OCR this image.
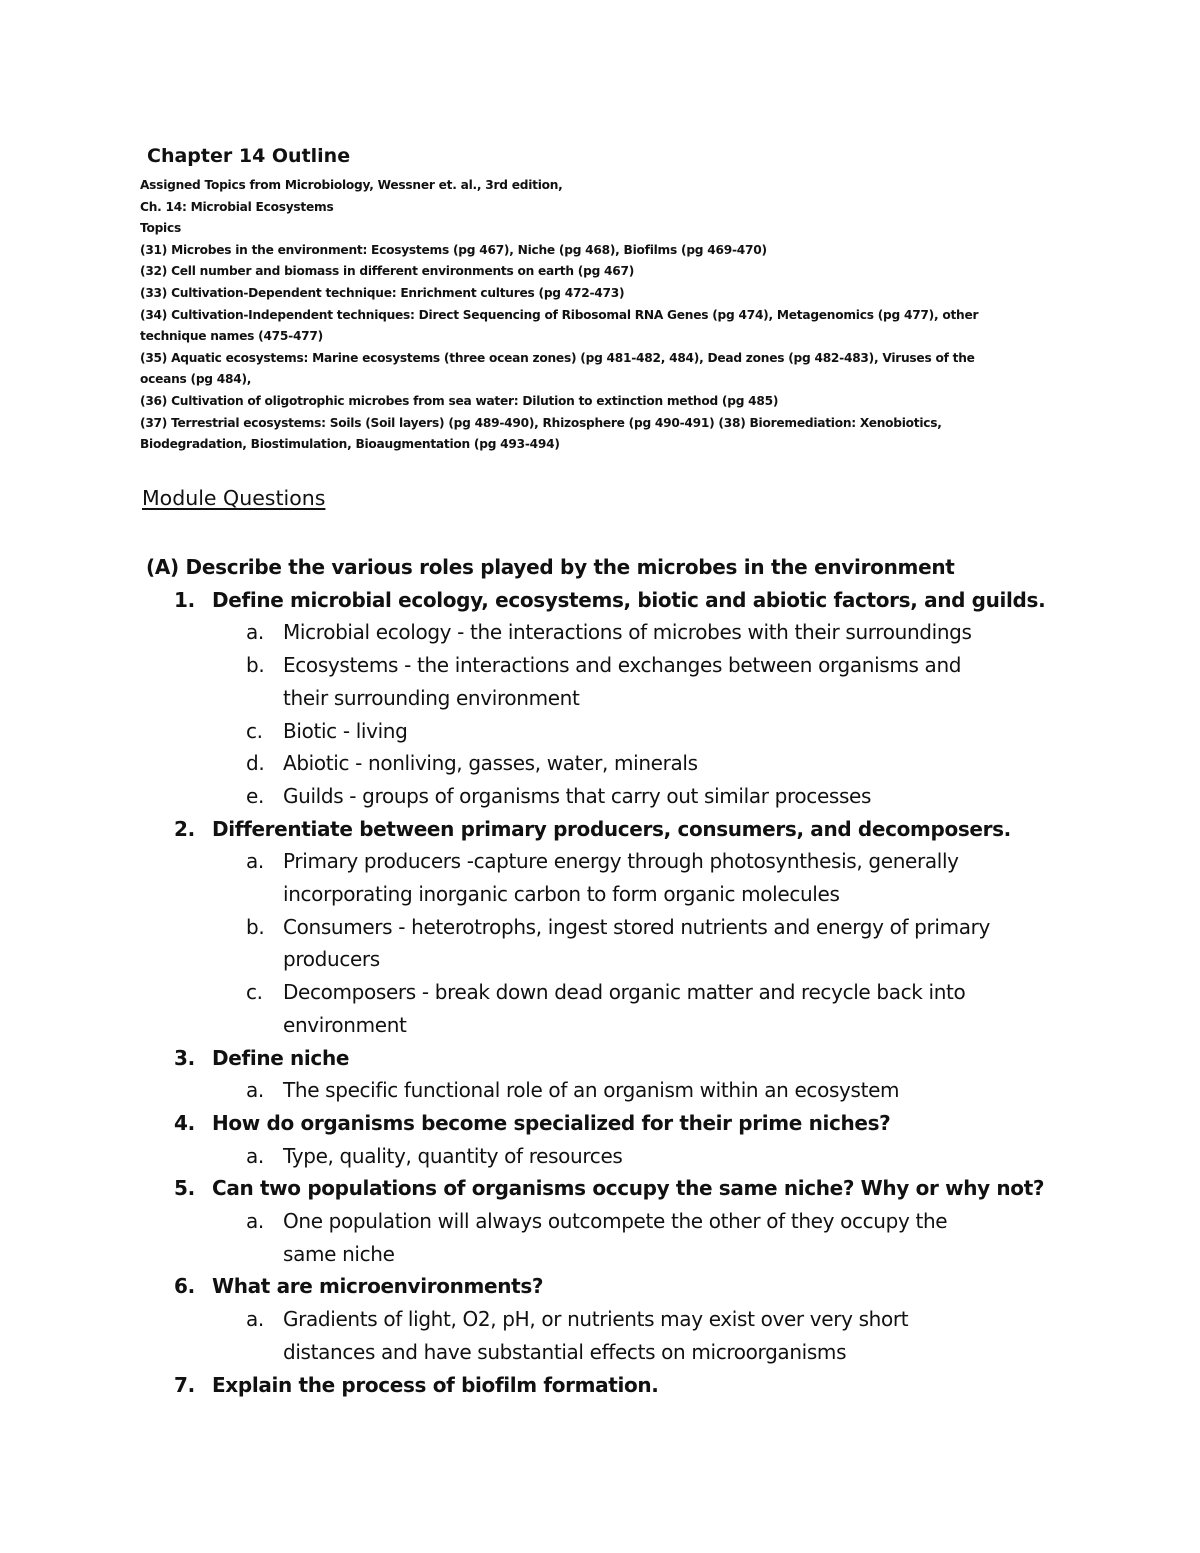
Chapter 14 Outline
Assigned Topics from Microbiology, Wessner et. al., 3rd edition,
Ch. 14: Microbial Ecosystems
Topics
(31) Microbes in the environment: Ecosystems (pg 467), Niche (pg 468), Biofilms (pg 469-470)
(32) Cell number and biomass in different environments on earth (pg 467)
(33) Cultivation-Dependent technique: Enrichment cultures (pg 472-473)
(34) Cultivation-Independent techniques: Direct Sequencing of Ribosomal RNA Genes (pg 474), Metagenomics (pg 477), other
technique names (475-477)
(35) Aquatic ecosystems: Marine ecosystems (three ocean zones) (pg 481-482, 484), Dead zones (pg 482-483), Viruses of the
oceans (pg 484),
(36) Cultivation of oligotrophic microbes from sea water: Dilution to extinction method (pg 485)
(37) Terrestrial ecosystems: Soils (Soil layers) (pg 489-490), Rhizosphere (pg 490-491) (38) Bioremediation: Xenobiotics,
Biodegradation, Biostimulation, Bioaugmentation (pg 493-494)
Module Questions
(A) Describe the various roles played by the microbes in the environment
1. Define microbial ecology, ecosystems, biotic and abiotic factors, and guilds.
a. Microbial ecology - the interactions of microbes with their surroundings
b. Ecosystems - the interactions and exchanges between organisms and
their surrounding environment
c. Biotic - living
d. Abiotic - nonliving, gasses, water, minerals
e. Guilds - groups of organisms that carry out similar processes
2. Differentiate between primary producers, consumers, and decomposers.
a. Primary producers -capture energy through photosynthesis, generally
incorporating inorganic carbon to form organic molecules
b. Consumers - heterotrophs, ingest stored nutrients and energy of primary
producers
c. Decomposers - break down dead organic matter and recycle back into
environment
3. Define niche
a. The specific functional role of an organism within an ecosystem
4. How do organisms become specialized for their prime niches?
a. Type, quality, quantity of resources
5. Can two populations of organisms occupy the same niche? Why or why not?
a. One population will always outcompete the other of they occupy the
same niche
6. What are microenvironments?
a. Gradients of light, O2, pH, or nutrients may exist over very short
distances and have substantial effects on microorganisms
7. Explain the process of biofilm formation.
